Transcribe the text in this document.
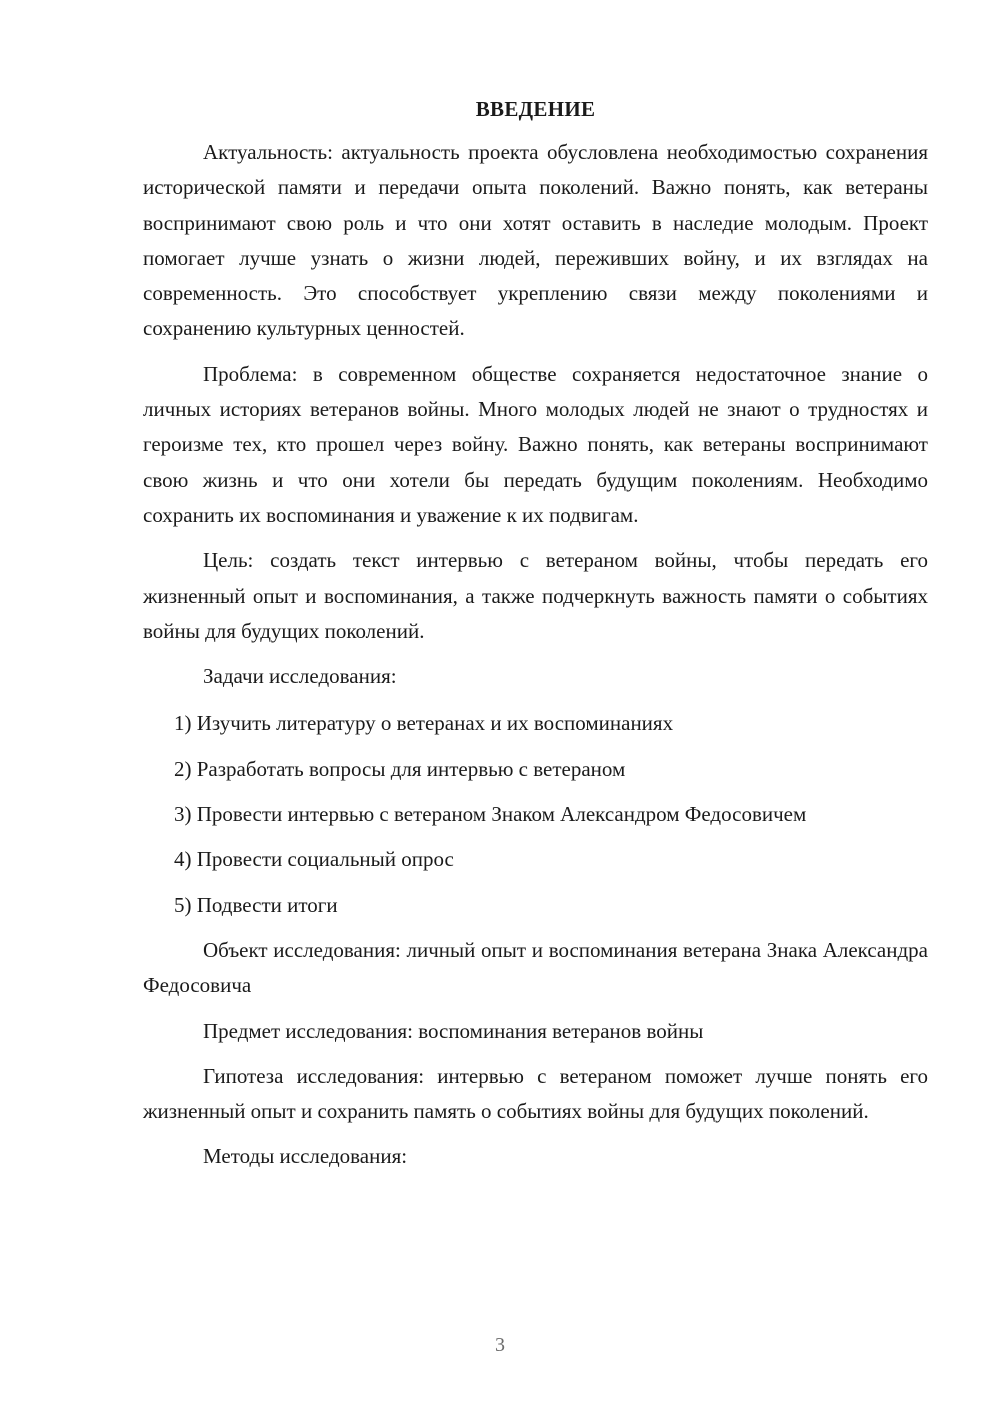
ВВЕДЕНИЕ

Актуальность: актуальность проекта обусловлена необходимостью сохранения исторической памяти и передачи опыта поколений. Важно понять, как ветераны воспринимают свою роль и что они хотят оставить в наследие молодым. Проект помогает лучше узнать о жизни людей, переживших войну, и их взглядах на современность. Это способствует укреплению связи между поколениями и сохранению культурных ценностей.

Проблема: в современном обществе сохраняется недостаточное знание о личных историях ветеранов войны. Много молодых людей не знают о трудностях и героизме тех, кто прошел через войну. Важно понять, как ветераны воспринимают свою жизнь и что они хотели бы передать будущим поколениям. Необходимо сохранить их воспоминания и уважение к их подвигам.

Цель: создать текст интервью с ветераном войны, чтобы передать его жизненный опыт и воспоминания, а также подчеркнуть важность памяти о событиях войны для будущих поколений.

Задачи исследования:

1) Изучить литературу о ветеранах и их воспоминаниях
2) Разработать вопросы для интервью с ветераном
3) Провести интервью с ветераном Знаком Александром Федосовичем
4) Провести социальный опрос
5) Подвести итоги

Объект исследования: личный опыт и воспоминания ветерана Знака Александра Федосовича

Предмет исследования: воспоминания ветеранов войны

Гипотеза исследования: интервью с ветераном поможет лучше понять его жизненный опыт и сохранить память о событиях войны для будущих поколений.

Методы исследования:

3
